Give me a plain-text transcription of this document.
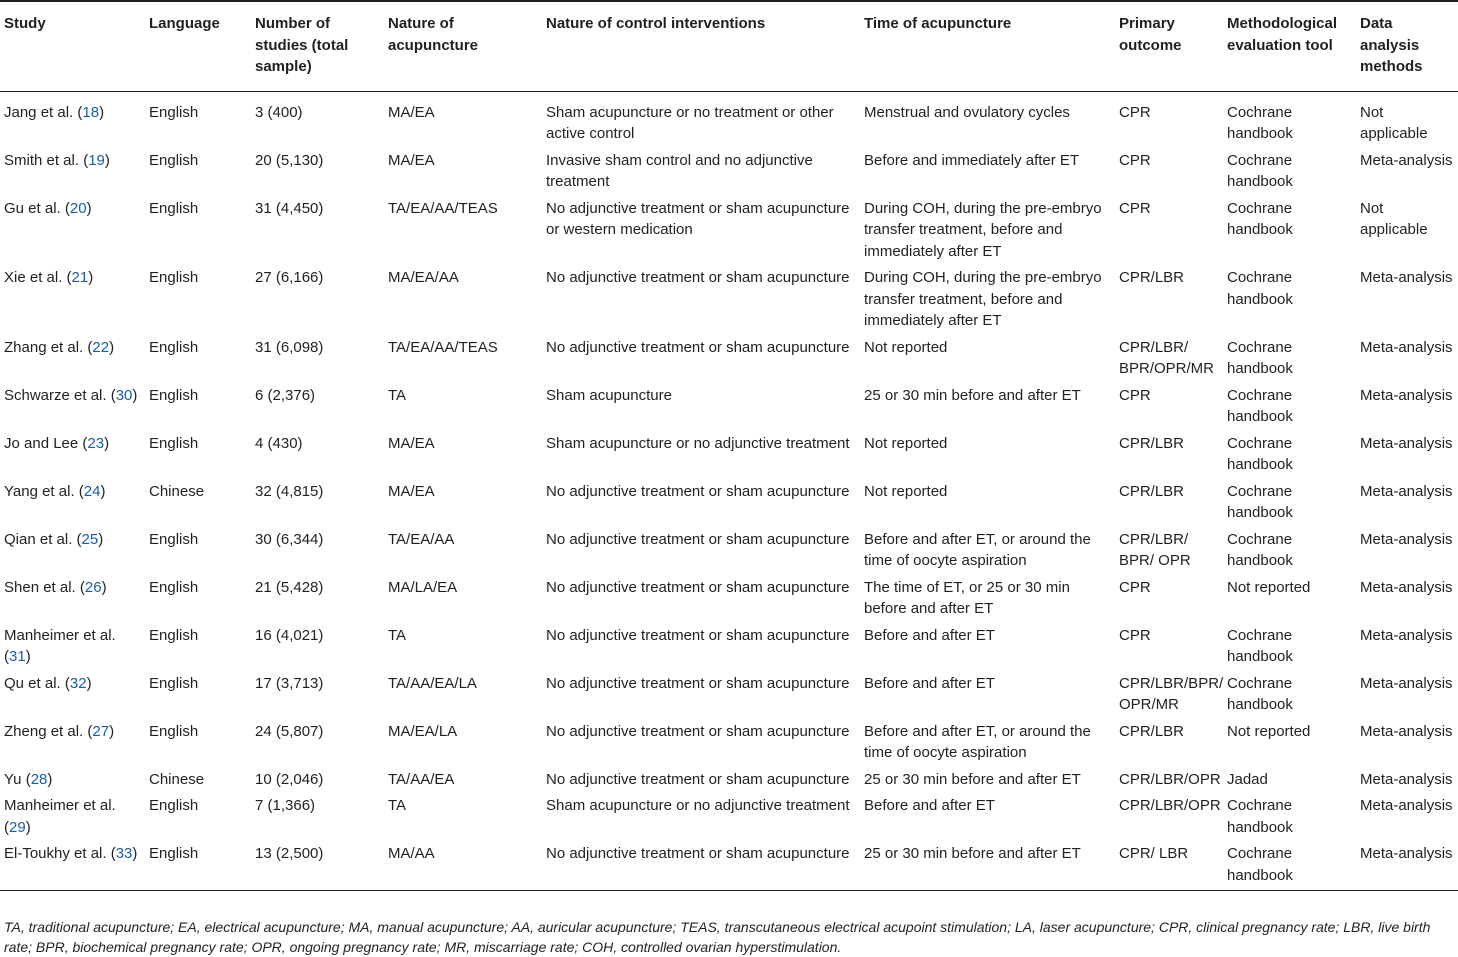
Study	Language	Number of studies (total sample)	Nature of acupuncture	Nature of control interventions	Time of acupuncture	Primary outcome	Methodological evaluation tool	Data analysis methods
Jang et al. (18)	English	3 (400)	MA/EA	Sham acupuncture or no treatment or other active control	Menstrual and ovulatory cycles	CPR	Cochrane handbook	Not applicable
Smith et al. (19)	English	20 (5,130)	MA/EA	Invasive sham control and no adjunctive treatment	Before and immediately after ET	CPR	Cochrane handbook	Meta-analysis
Gu et al. (20)	English	31 (4,450)	TA/EA/AA/TEAS	No adjunctive treatment or sham acupuncture or western medication	During COH, during the pre-embryo transfer treatment, before and immediately after ET	CPR	Cochrane handbook	Not applicable
Xie et al. (21)	English	27 (6,166)	MA/EA/AA	No adjunctive treatment or sham acupuncture	During COH, during the pre-embryo transfer treatment, before and immediately after ET	CPR/LBR	Cochrane handbook	Meta-analysis
Zhang et al. (22)	English	31 (6,098)	TA/EA/AA/TEAS	No adjunctive treatment or sham acupuncture	Not reported	CPR/LBR/ BPR/OPR/MR	Cochrane handbook	Meta-analysis
Schwarze et al. (30)	English	6 (2,376)	TA	Sham acupuncture	25 or 30 min before and after ET	CPR	Cochrane handbook	Meta-analysis
Jo and Lee (23)	English	4 (430)	MA/EA	Sham acupuncture or no adjunctive treatment	Not reported	CPR/LBR	Cochrane handbook	Meta-analysis
Yang et al. (24)	Chinese	32 (4,815)	MA/EA	No adjunctive treatment or sham acupuncture	Not reported	CPR/LBR	Cochrane handbook	Meta-analysis
Qian et al. (25)	English	30 (6,344)	TA/EA/AA	No adjunctive treatment or sham acupuncture	Before and after ET, or around the time of oocyte aspiration	CPR/LBR/ BPR/ OPR	Cochrane handbook	Meta-analysis
Shen et al. (26)	English	21 (5,428)	MA/LA/EA	No adjunctive treatment or sham acupuncture	The time of ET, or 25 or 30 min before and after ET	CPR	Not reported	Meta-analysis
Manheimer et al. (31)	English	16 (4,021)	TA	No adjunctive treatment or sham acupuncture	Before and after ET	CPR	Cochrane handbook	Meta-analysis
Qu et al. (32)	English	17 (3,713)	TA/AA/EA/LA	No adjunctive treatment or sham acupuncture	Before and after ET	CPR/LBR/BPR/ OPR/MR	Cochrane handbook	Meta-analysis
Zheng et al. (27)	English	24 (5,807)	MA/EA/LA	No adjunctive treatment or sham acupuncture	Before and after ET, or around the time of oocyte aspiration	CPR/LBR	Not reported	Meta-analysis
Yu (28)	Chinese	10 (2,046)	TA/AA/EA	No adjunctive treatment or sham acupuncture	25 or 30 min before and after ET	CPR/LBR/OPR	Jadad	Meta-analysis
Manheimer et al. (29)	English	7 (1,366)	TA	Sham acupuncture or no adjunctive treatment	Before and after ET	CPR/LBR/OPR	Cochrane handbook	Meta-analysis
El-Toukhy et al. (33)	English	13 (2,500)	MA/AA	No adjunctive treatment or sham acupuncture	25 or 30 min before and after ET	CPR/ LBR	Cochrane handbook	Meta-analysis
TA, traditional acupuncture; EA, electrical acupuncture; MA, manual acupuncture; AA, auricular acupuncture; TEAS, transcutaneous electrical acupoint stimulation; LA, laser acupuncture; CPR, clinical pregnancy rate; LBR, live birth rate; BPR, biochemical pregnancy rate; OPR, ongoing pregnancy rate; MR, miscarriage rate; COH, controlled ovarian hyperstimulation.
